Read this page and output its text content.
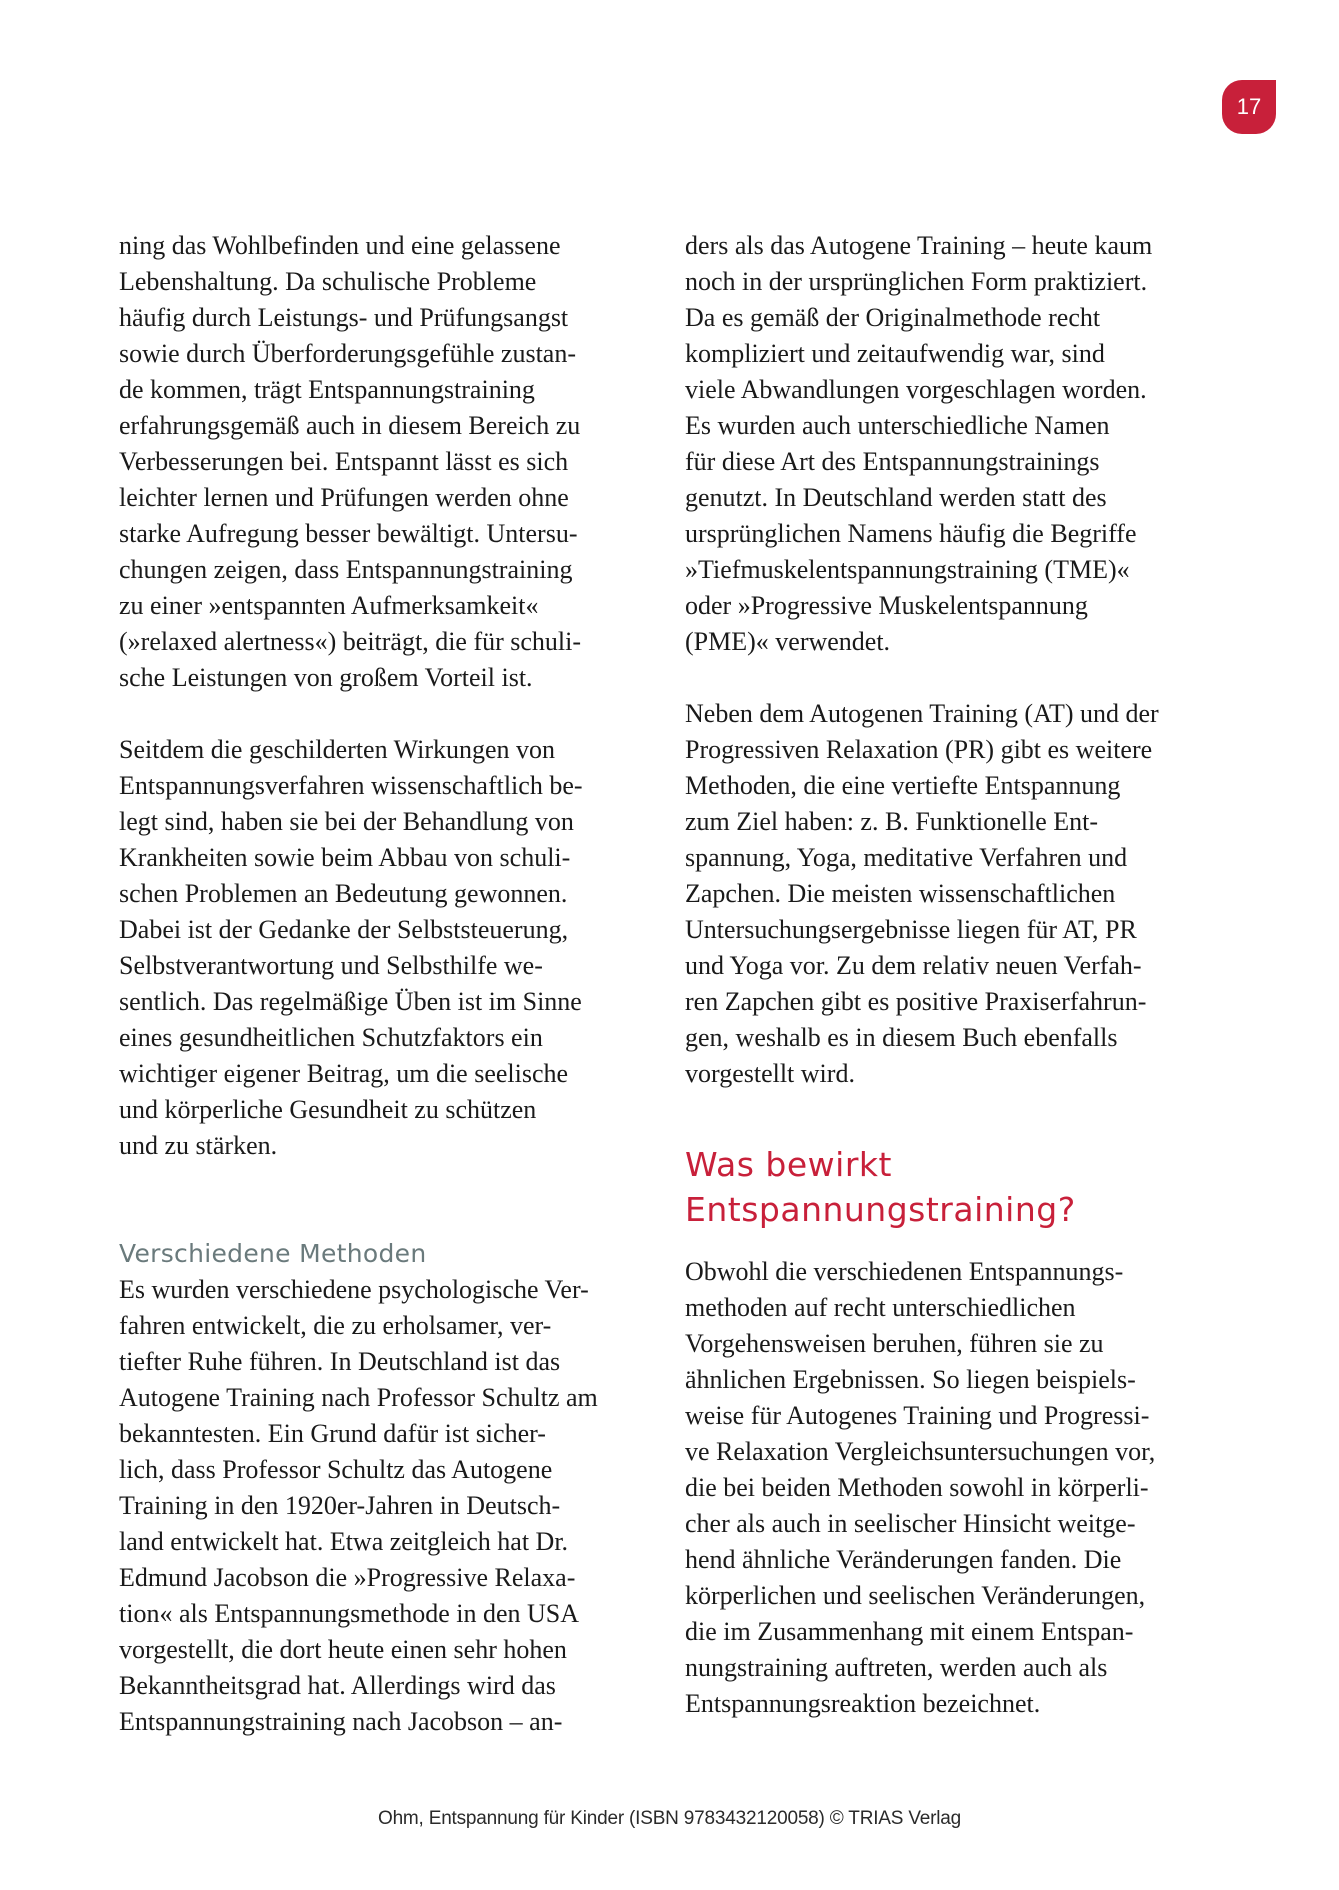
17
ning das Wohlbefinden und eine gelassene
Lebenshaltung. Da schulische Probleme
häufig durch Leistungs- und Prüfungsangst
sowie durch Überforderungsgefühle zustan-
de kommen, trägt Entspannungstraining
erfahrungsgemäß auch in diesem Bereich zu
Verbesserungen bei. Entspannt lässt es sich
leichter lernen und Prüfungen werden ohne
starke Aufregung besser bewältigt. Untersu-
chungen zeigen, dass Entspannungstraining
zu einer »entspannten Aufmerksamkeit«
(»relaxed alertness«) beiträgt, die für schuli-
sche Leistungen von großem Vorteil ist.
Seitdem die geschilderten Wirkungen von
Entspannungsverfahren wissenschaftlich be-
legt sind, haben sie bei der Behandlung von
Krankheiten sowie beim Abbau von schuli-
schen Problemen an Bedeutung gewonnen.
Dabei ist der Gedanke der Selbststeuerung,
Selbstverantwortung und Selbsthilfe we-
sentlich. Das regelmäßige Üben ist im Sinne
eines gesundheitlichen Schutzfaktors ein
wichtiger eigener Beitrag, um die seelische
und körperliche Gesundheit zu schützen
und zu stärken.
Verschiedene Methoden
Es wurden verschiedene psychologische Ver-
fahren entwickelt, die zu erholsamer, ver-
tiefter Ruhe führen. In Deutschland ist das
Autogene Training nach Professor Schultz am
bekanntesten. Ein Grund dafür ist sicher-
lich, dass Professor Schultz das Autogene
Training in den 1920er-Jahren in Deutsch-
land entwickelt hat. Etwa zeitgleich hat Dr.
Edmund Jacobson die »Progressive Relaxa-
tion« als Entspannungsmethode in den USA
vorgestellt, die dort heute einen sehr hohen
Bekanntheitsgrad hat. Allerdings wird das
Entspannungstraining nach Jacobson – an-
ders als das Autogene Training – heute kaum
noch in der ursprünglichen Form praktiziert.
Da es gemäß der Originalmethode recht
kompliziert und zeitaufwendig war, sind
viele Abwandlungen vorgeschlagen worden.
Es wurden auch unterschiedliche Namen
für diese Art des Entspannungstrainings
genutzt. In Deutschland werden statt des
ursprünglichen Namens häufig die Begriffe
»Tiefmuskelentspannungstraining (TME)«
oder »Progressive Muskelentspannung
(PME)« verwendet.
Neben dem Autogenen Training (AT) und der
Progressiven Relaxation (PR) gibt es weitere
Methoden, die eine vertiefte Entspannung
zum Ziel haben: z. B. Funktionelle Ent-
spannung, Yoga, meditative Verfahren und
Zapchen. Die meisten wissenschaftlichen
Untersuchungsergebnisse liegen für AT, PR
und Yoga vor. Zu dem relativ neuen Verfah-
ren Zapchen gibt es positive Praxiserfahrun-
gen, weshalb es in diesem Buch ebenfalls
vorgestellt wird.
Was bewirkt
Entspannungstraining?
Obwohl die verschiedenen Entspannungs-
methoden auf recht unterschiedlichen
Vorgehensweisen beruhen, führen sie zu
ähnlichen Ergebnissen. So liegen beispiels-
weise für Autogenes Training und Progressi-
ve Relaxation Vergleichsuntersuchungen vor,
die bei beiden Methoden sowohl in körperli-
cher als auch in seelischer Hinsicht weitge-
hend ähnliche Veränderungen fanden. Die
körperlichen und seelischen Veränderungen,
die im Zusammenhang mit einem Entspan-
nungstraining auftreten, werden auch als
Entspannungsreaktion bezeichnet.
Ohm, Entspannung für Kinder (ISBN 9783432120058) © TRIAS Verlag
